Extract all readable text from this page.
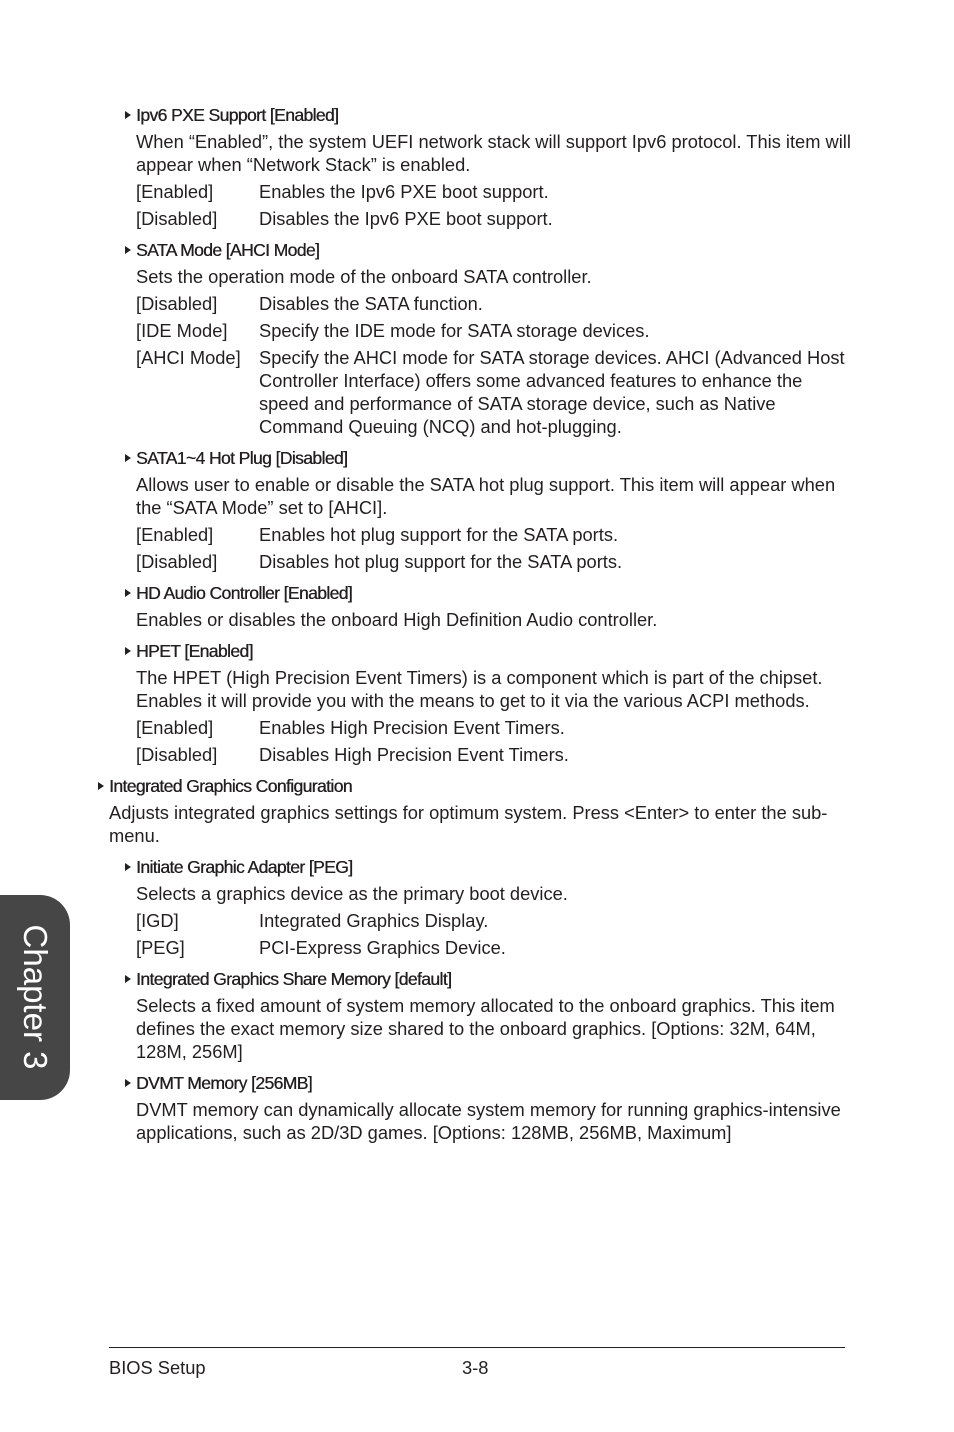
Ipv6 PXE Support [Enabled]
When “Enabled”, the system UEFI network stack will support Ipv6 protocol. This item will appear when “Network Stack” is enabled.
[Enabled]	Enables the Ipv6 PXE boot support.
[Disabled]	Disables the Ipv6 PXE boot support.
SATA Mode [AHCI Mode]
Sets the operation mode of the onboard SATA controller.
[Disabled]	Disables the SATA function.
[IDE Mode]	Specify the IDE mode for SATA storage devices.
[AHCI Mode]	Specify the AHCI mode for SATA storage devices. AHCI (Advanced Host Controller Interface) offers some advanced features to enhance the speed and performance of SATA storage device, such as Native Command Queuing (NCQ) and hot-plugging.
SATA1~4 Hot Plug [Disabled]
Allows user to enable or disable the SATA hot plug support. This item will appear when the “SATA Mode” set to [AHCI].
[Enabled]	Enables hot plug support for the SATA ports.
[Disabled]	Disables hot plug support for the SATA ports.
HD Audio Controller [Enabled]
Enables or disables the onboard High Definition Audio controller.
HPET [Enabled]
The HPET (High Precision Event Timers) is a component which is part of the chipset. Enables it will provide you with the means to get to it via the various ACPI methods.
[Enabled]	Enables High Precision Event Timers.
[Disabled]	Disables High Precision Event Timers.
Integrated Graphics Configuration
Adjusts integrated graphics settings for optimum system. Press <Enter> to enter the sub-menu.
Initiate Graphic Adapter [PEG]
Selects a graphics device as the primary boot device.
[IGD]	Integrated Graphics Display.
[PEG]	PCI-Express Graphics Device.
Integrated Graphics Share Memory [default]
Selects a fixed amount of system memory allocated to the onboard graphics. This item defines the exact memory size shared to the onboard graphics. [Options: 32M, 64M, 128M, 256M]
DVMT Memory [256MB]
DVMT memory can dynamically allocate system memory for running graphics-intensive applications, such as 2D/3D games. [Options: 128MB, 256MB, Maximum]
Chapter 3
BIOS Setup	3-8
